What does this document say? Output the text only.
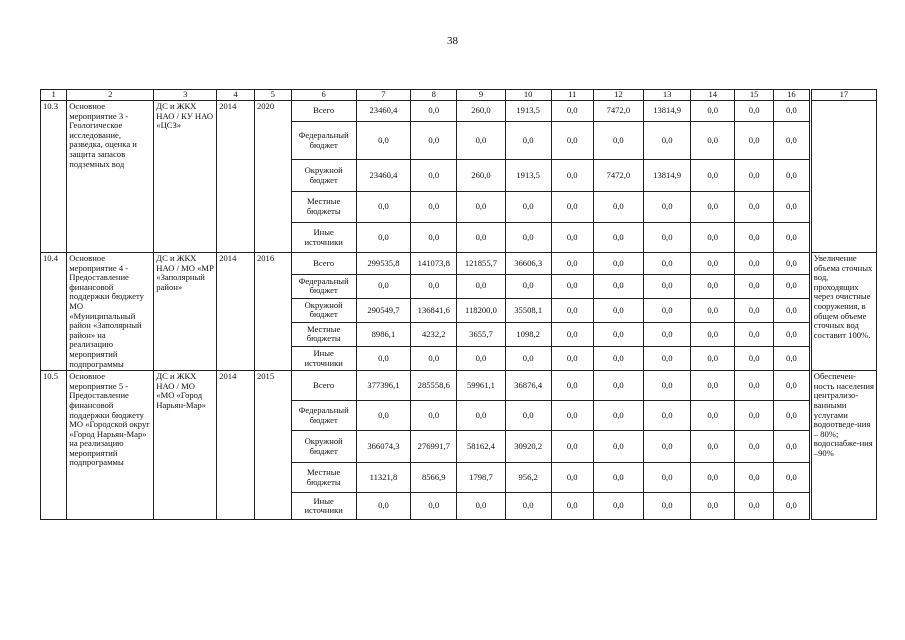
38
1	2	3	4	5	6	7	8	9	10	11	12	13	14	15	16	17
10.3	Основное мероприятие 3 - Геологическое исследование, разведка, оценка и защита запасов подземных вод	ДС и ЖКХ НАО / КУ НАО «ЦСЗ»	2014	2020	Всего	23460,4	0,0	260,0	1913,5	0,0	7472,0	13814,9	0,0	0,0	0,0	
					Федеральный бюджет	0,0	0,0	0,0	0,0	0,0	0,0	0,0	0,0	0,0	0,0	
					Окружной бюджет	23460,4	0,0	260,0	1913,5	0,0	7472,0	13814,9	0,0	0,0	0,0	
					Местные бюджеты	0,0	0,0	0,0	0,0	0,0	0,0	0,0	0,0	0,0	0,0	
					Иные источники	0,0	0,0	0,0	0,0	0,0	0,0	0,0	0,0	0,0	0,0	
10.4	Основное мероприятие 4 - Предоставление финансовой поддержки бюджету МО «Муниципальный район «Заполярный район» на реализацию мероприятий подпрограммы	ДС и ЖКХ НАО / МО «МР «Заполярный район»	2014	2016	Всего	299535,8	141073,8	121855,7	36606,3	0,0	0,0	0,0	0,0	0,0	0,0	Увеличение объема сточных вод, проходящих через очистные сооружения, в общем объеме сточных вод составит 100%.
					Федеральный бюджет	0,0	0,0	0,0	0,0	0,0	0,0	0,0	0,0	0,0	0,0	
					Окружной бюджет	290549,7	136841,6	118200,0	35508,1	0,0	0,0	0,0	0,0	0,0	0,0	
					Местные бюджеты	8986,1	4232,2	3655,7	1098,2	0,0	0,0	0,0	0,0	0,0	0,0	
					Иные источники	0,0	0,0	0,0	0,0	0,0	0,0	0,0	0,0	0,0	0,0	
10.5	Основное мероприятие 5 - Предоставление финансовой поддержки бюджету МО «Городской округ «Город Нарьян-Мар» на реализацию мероприятий подпрограммы	ДС и ЖКХ НАО / МО «МО «Город Нарьян-Мар»	2014	2015	Всего	377396,1	285558,6	59961,1	36876,4	0,0	0,0	0,0	0,0	0,0	0,0	Обеспечен-ность населения централизо-ванными услугами водоотведе-ния – 80%; водоснабже-ния –90%
					Федеральный бюджет	0,0	0,0	0,0	0,0	0,0	0,0	0,0	0,0	0,0	0,0	
					Окружной бюджет	366074,3	276991,7	58162,4	30920,2	0,0	0,0	0,0	0,0	0,0	0,0	
					Местные бюджеты	11321,8	8566,9	1798,7	956,2	0,0	0,0	0,0	0,0	0,0	0,0	
					Иные источники	0,0	0,0	0,0	0,0	0,0	0,0	0,0	0,0	0,0	0,0	
